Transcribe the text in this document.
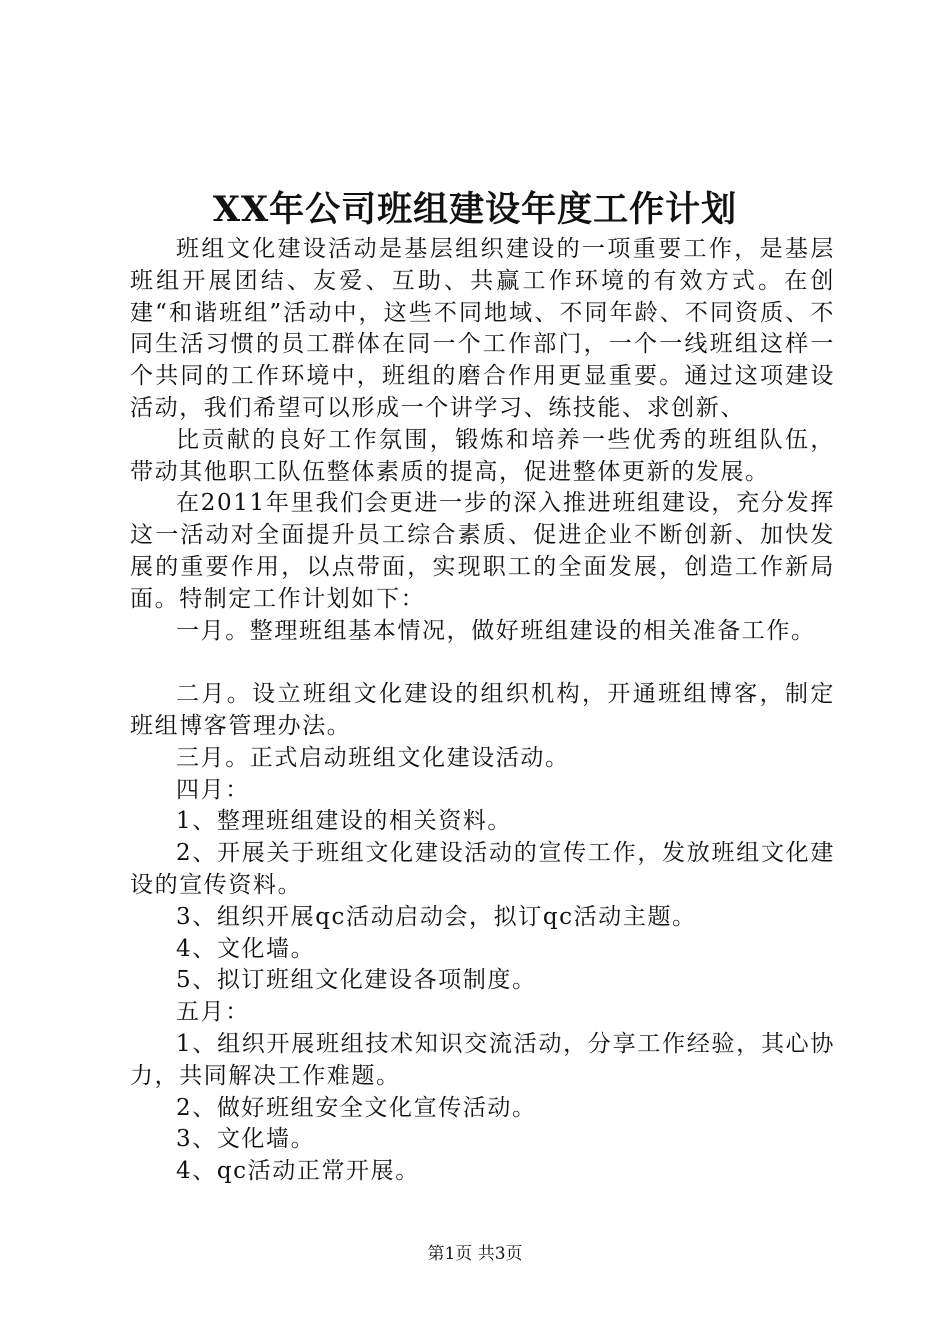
XX年公司班组建设年度工作计划

班组文化建设活动是基层组织建设的一项重要工作，是基层班组开展团结、友爱、互助、共赢工作环境的有效方式。在创建“和谐班组”活动中，这些不同地域、不同年龄、不同资质、不同生活习惯的员工群体在同一个工作部门，一个一线班组这样一个共同的工作环境中，班组的磨合作用更显重要。通过这项建设活动，我们希望可以形成一个讲学习、练技能、求创新、

比贡献的良好工作氛围，锻炼和培养一些优秀的班组队伍，带动其他职工队伍整体素质的提高，促进整体更新的发展。

在2011年里我们会更进一步的深入推进班组建设，充分发挥这一活动对全面提升员工综合素质、促进企业不断创新、加快发展的重要作用，以点带面，实现职工的全面发展，创造工作新局面。特制定工作计划如下：

一月。整理班组基本情况，做好班组建设的相关准备工作。

二月。设立班组文化建设的组织机构，开通班组博客，制定班组博客管理办法。

三月。正式启动班组文化建设活动。

四月：

1、整理班组建设的相关资料。

2、开展关于班组文化建设活动的宣传工作，发放班组文化建设的宣传资料。

3、组织开展qc活动启动会，拟订qc活动主题。

4、文化墙。

5、拟订班组文化建设各项制度。

五月：

1、组织开展班组技术知识交流活动，分享工作经验，其心协力，共同解决工作难题。

2、做好班组安全文化宣传活动。

3、文化墙。

4、qc活动正常开展。

第1页 共3页
